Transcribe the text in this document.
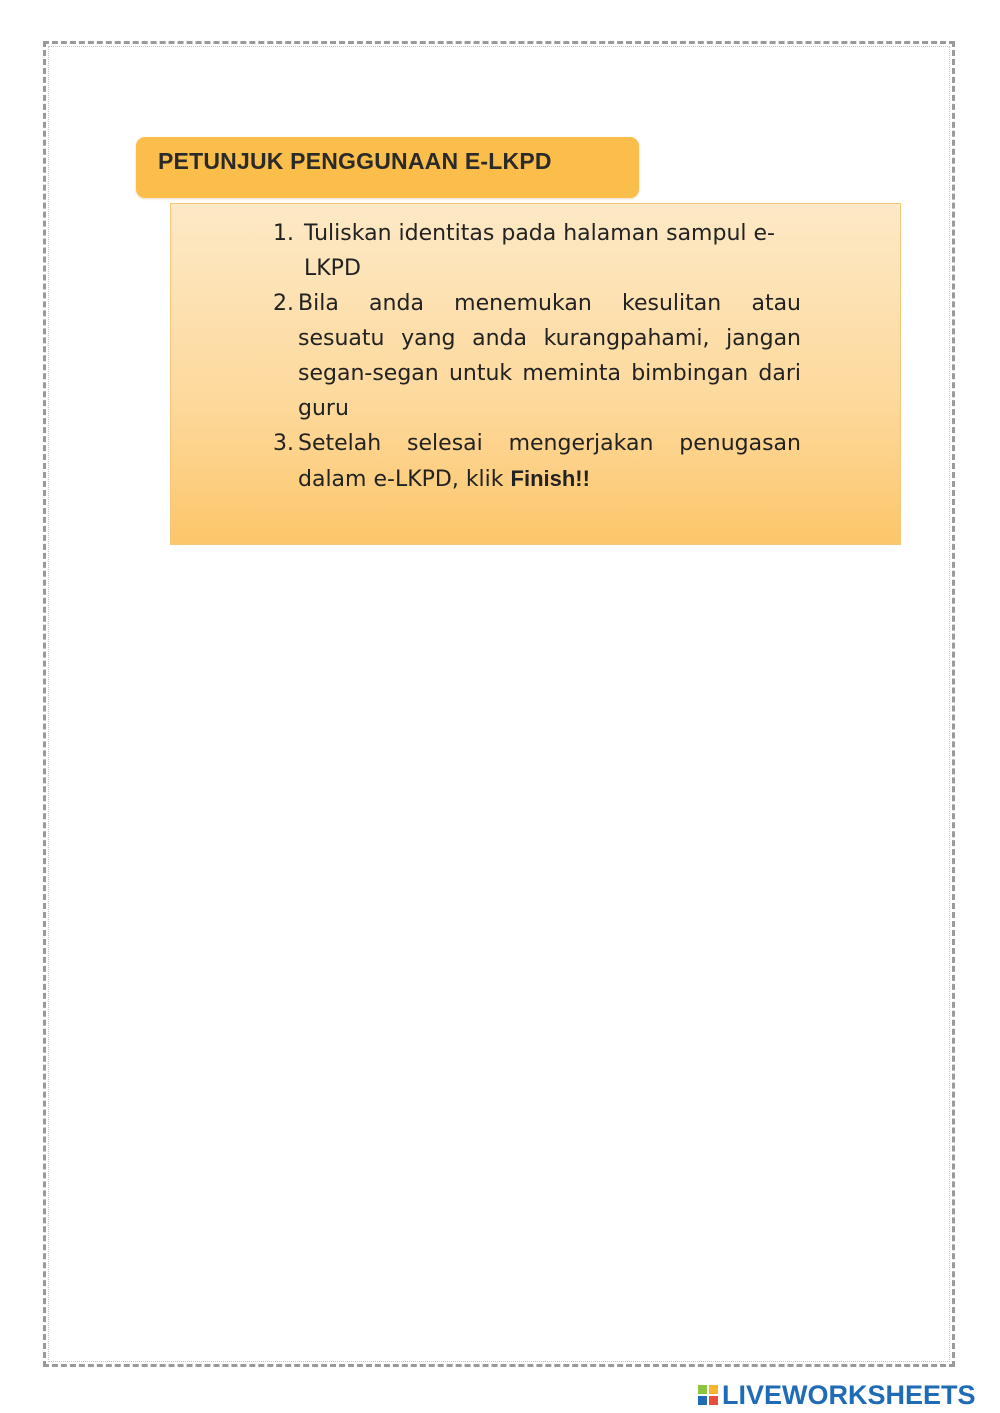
PETUNJUK PENGGUNAAN E-LKPD
1. Tuliskan identitas pada halaman sampul e-LKPD
2. Bila anda menemukan kesulitan atau sesuatu yang anda kurangpahami, jangan segan-segan untuk meminta bimbingan dari guru
3. Setelah selesai mengerjakan penugasan dalam e-LKPD, klik Finish!!
LIVEWORKSHEETS
